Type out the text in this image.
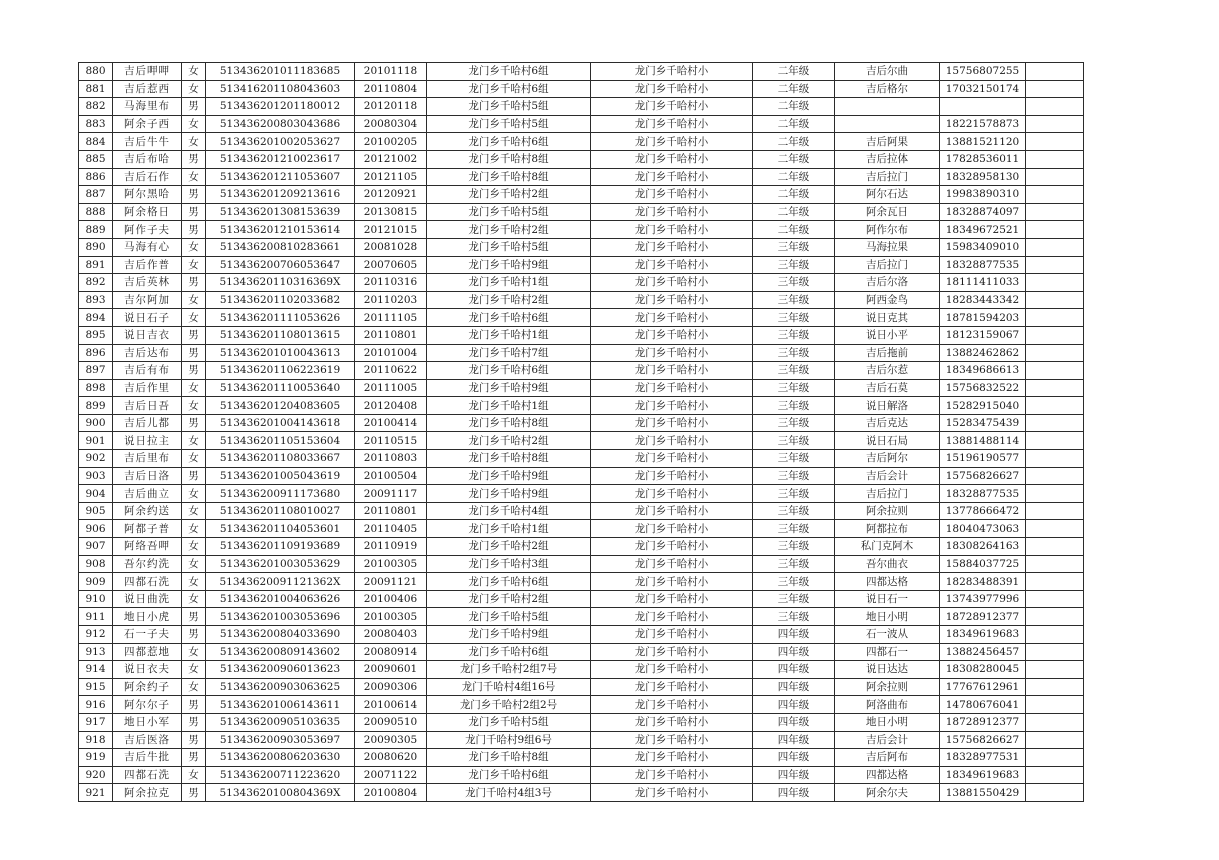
880	吉后呷呷	女	513436201011183685	20101118	龙门乡千哈村6组	龙门乡千哈村小	二年级	吉后尔曲	15756807255	
881	吉后惹西	女	513416201108043603	20110804	龙门乡千哈村6组	龙门乡千哈村小	二年级	吉后格尔	17032150174	
882	马海里布	男	513436201201180012	20120118	龙门乡千哈村5组	龙门乡千哈村小	二年级			
883	阿余子西	女	513436200803043686	20080304	龙门乡千哈村5组	龙门乡千哈村小	二年级		18221578873	
884	吉后牛牛	女	513436201002053627	20100205	龙门乡千哈村6组	龙门乡千哈村小	二年级	吉后阿果	13881521120	
885	吉后布哈	男	513436201210023617	20121002	龙门乡千哈村8组	龙门乡千哈村小	二年级	吉后拉体	17828536011	
886	吉后石作	女	513436201211053607	20121105	龙门乡千哈村8组	龙门乡千哈村小	二年级	吉后拉门	18328958130	
887	阿尔黑哈	男	513436201209213616	20120921	龙门乡千哈村2组	龙门乡千哈村小	二年级	阿尔石达	19983890310	
888	阿余格日	男	513436201308153639	20130815	龙门乡千哈村5组	龙门乡千哈村小	二年级	阿余瓦日	18328874097	
889	阿作子夫	男	513436201210153614	20121015	龙门乡千哈村2组	龙门乡千哈村小	二年级	阿作尔布	18349672521	
890	马海有心	女	513436200810283661	20081028	龙门乡千哈村5组	龙门乡千哈村小	三年级	马海拉果	15983409010	
891	吉后作普	女	513436200706053647	20070605	龙门乡千哈村9组	龙门乡千哈村小	三年级	吉后拉门	18328877535	
892	吉后英林	男	51343620110316369X	20110316	龙门乡千哈村1组	龙门乡千哈村小	三年级	吉后尔洛	18111411033	
893	吉尔阿加	女	513436201102033682	20110203	龙门乡千哈村2组	龙门乡千哈村小	三年级	阿西金鸟	18283443342	
894	说日石子	女	513436201111053626	20111105	龙门乡千哈村6组	龙门乡千哈村小	三年级	说日克其	18781594203	
895	说日吉衣	男	513436201108013615	20110801	龙门乡千哈村1组	龙门乡千哈村小	三年级	说日小平	18123159067	
896	吉后达布	男	513436201010043613	20101004	龙门乡千哈村7组	龙门乡千哈村小	三年级	吉后拖前	13882462862	
897	吉后有布	男	513436201106223619	20110622	龙门乡千哈村6组	龙门乡千哈村小	三年级	吉后尔惹	18349686613	
898	吉后作里	女	513436201110053640	20111005	龙门乡千哈村9组	龙门乡千哈村小	三年级	吉后石莫	15756832522	
899	吉后日吾	女	513436201204083605	20120408	龙门乡千哈村1组	龙门乡千哈村小	三年级	说日解洛	15282915040	
900	吉后儿都	男	513436201004143618	20100414	龙门乡千哈村8组	龙门乡千哈村小	三年级	吉后克达	15283475439	
901	说日拉主	女	513436201105153604	20110515	龙门乡千哈村2组	龙门乡千哈村小	三年级	说日石局	13881488114	
902	吉后里布	女	513436201108033667	20110803	龙门乡千哈村8组	龙门乡千哈村小	三年级	吉后阿尔	15196190577	
903	吉后日洛	男	513436201005043619	20100504	龙门乡千哈村9组	龙门乡千哈村小	三年级	吉后会计	15756826627	
904	吉后曲立	女	513436200911173680	20091117	龙门乡千哈村9组	龙门乡千哈村小	三年级	吉后拉门	18328877535	
905	阿余约送	女	513436201108010027	20110801	龙门乡千哈村4组	龙门乡千哈村小	三年级	阿余拉则	13778666472	
906	阿都子普	女	513436201104053601	20110405	龙门乡千哈村1组	龙门乡千哈村小	三年级	阿都拉布	18040473063	
907	阿络吾呷	女	513436201109193689	20110919	龙门乡千哈村2组	龙门乡千哈村小	三年级	私门克阿木	18308264163	
908	吾尔约洗	女	513436201003053629	20100305	龙门乡千哈村3组	龙门乡千哈村小	三年级	吾尔曲衣	15884037725	
909	四都石洗	女	51343620091121362X	20091121	龙门乡千哈村6组	龙门乡千哈村小	三年级	四都达格	18283488391	
910	说日曲洗	女	513436201004063626	20100406	龙门乡千哈村2组	龙门乡千哈村小	三年级	说日石一	13743977996	
911	地日小虎	男	513436201003053696	20100305	龙门乡千哈村5组	龙门乡千哈村小	三年级	地日小明	18728912377	
912	石一子夫	男	513436200804033690	20080403	龙门乡千哈村9组	龙门乡千哈村小	四年级	石一波从	18349619683	
913	四都惹地	女	513436200809143602	20080914	龙门乡千哈村6组	龙门乡千哈村小	四年级	四都石一	13882456457	
914	说日衣夫	女	513436200906013623	20090601	龙门乡千哈村2组7号	龙门乡千哈村小	四年级	说日达达	18308280045	
915	阿余约子	女	513436200903063625	20090306	龙门千哈村4组16号	龙门乡千哈村小	四年级	阿余拉则	17767612961	
916	阿尔尔子	男	513436201006143611	20100614	龙门乡千哈村2组2号	龙门乡千哈村小	四年级	阿洛曲布	14780676041	
917	地日小军	男	513436200905103635	20090510	龙门乡千哈村5组	龙门乡千哈村小	四年级	地日小明	18728912377	
918	吉后医洛	男	513436200903053697	20090305	龙门千哈村9组6号	龙门乡千哈村小	四年级	吉后会计	15756826627	
919	吉后牛批	男	513436200806203630	20080620	龙门乡千哈村8组	龙门乡千哈村小	四年级	吉后阿布	18328977531	
920	四都石洗	女	513436200711223620	20071122	龙门乡千哈村6组	龙门乡千哈村小	四年级	四都达格	18349619683	
921	阿余拉克	男	51343620100804369X	20100804	龙门千哈村4组3号	龙门乡千哈村小	四年级	阿余尔夫	13881550429	
